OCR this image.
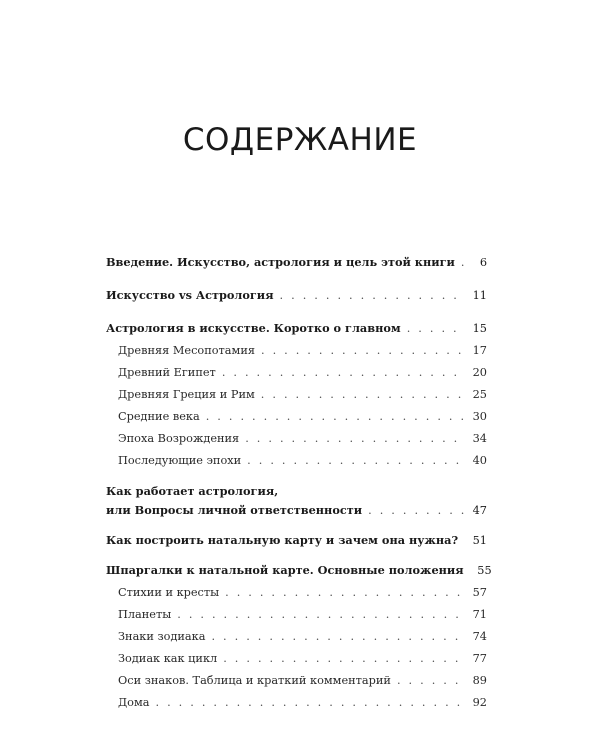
СОДЕРЖАНИЕ
Введение. Искусство, астрология и цель этой книги . . .	6
Искусство vs Астрология . . .	11
Астрология в искусстве. Коротко о главном . . .	15
Древняя Месопотамия . . .	17
Древний Египет . . .	20
Древняя Греция и Рим . . .	25
Средние века . . .	30
Эпоха Возрождения . . .	34
Последующие эпохи . . .	40
Как работает астрология,
или Вопросы личной ответственности . . .	47
Как построить натальную карту и зачем она нужна? . . .	51
Шпаргалки к натальной карте. Основные положения	55
Стихии и кресты . . .	57
Планеты . . .	71
Знаки зодиака . . .	74
Зодиак как цикл . . .	77
Оси знаков. Таблица и краткий комментарий . . .	89
Дома . . .	92
